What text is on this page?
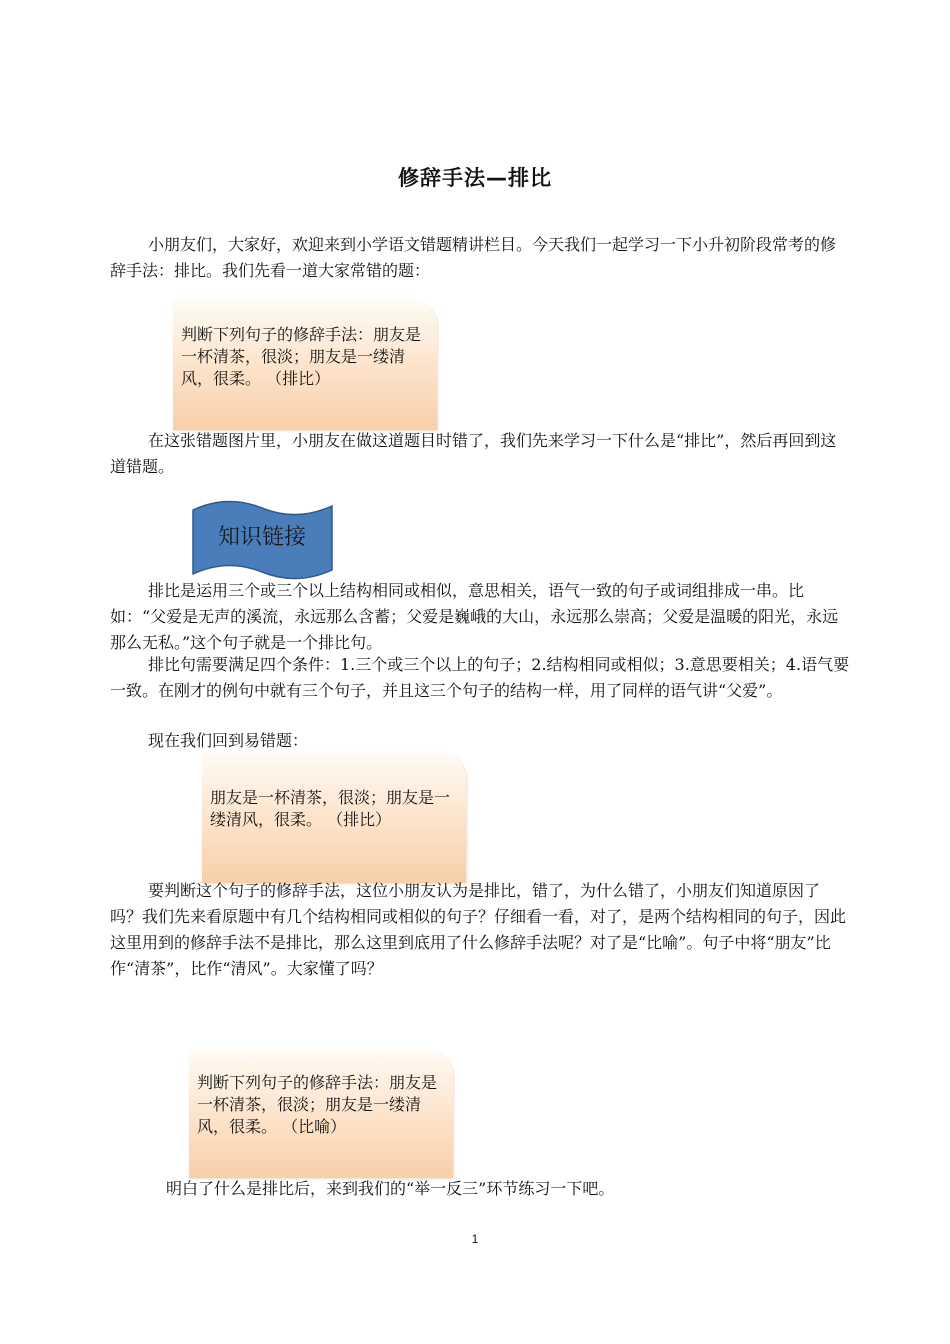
修辞手法—排比

小朋友们，大家好，欢迎来到小学语文错题精讲栏目。今天我们一起学习一下小升初阶段常考的修辞手法：排比。我们先看一道大家常错的题：

判断下列句子的修辞手法：朋友是一杯清茶，很淡；朋友是一缕清风，很柔。 （排比）

在这张错题图片里，小朋友在做这道题目时错了，我们先来学习一下什么是“排比”，然后再回到这道错题。

知识链接

排比是运用三个或三个以上结构相同或相似，意思相关，语气一致的句子或词组排成一串。比如：“父爱是无声的溪流，永远那么含蓄；父爱是巍峨的大山，永远那么崇高；父爱是温暖的阳光，永远那么无私。”这个句子就是一个排比句。

排比句需要满足四个条件：1.三个或三个以上的句子；2.结构相同或相似；3.意思要相关；4.语气要一致。在刚才的例句中就有三个句子，并且这三个句子的结构一样，用了同样的语气讲“父爱”。

现在我们回到易错题：

朋友是一杯清茶，很淡；朋友是一缕清风，很柔。 （排比）

要判断这个句子的修辞手法，这位小朋友认为是排比，错了，为什么错了，小朋友们知道原因了吗？我们先来看原题中有几个结构相同或相似的句子？仔细看一看，对了，是两个结构相同的句子，因此这里用到的修辞手法不是排比，那么这里到底用了什么修辞手法呢？对了是“比喻”。句子中将“朋友”比作“清茶”，比作“清风”。大家懂了吗？

判断下列句子的修辞手法：朋友是一杯清茶，很淡；朋友是一缕清风，很柔。 （比喻）

明白了什么是排比后，来到我们的“举一反三”环节练习一下吧。

1
